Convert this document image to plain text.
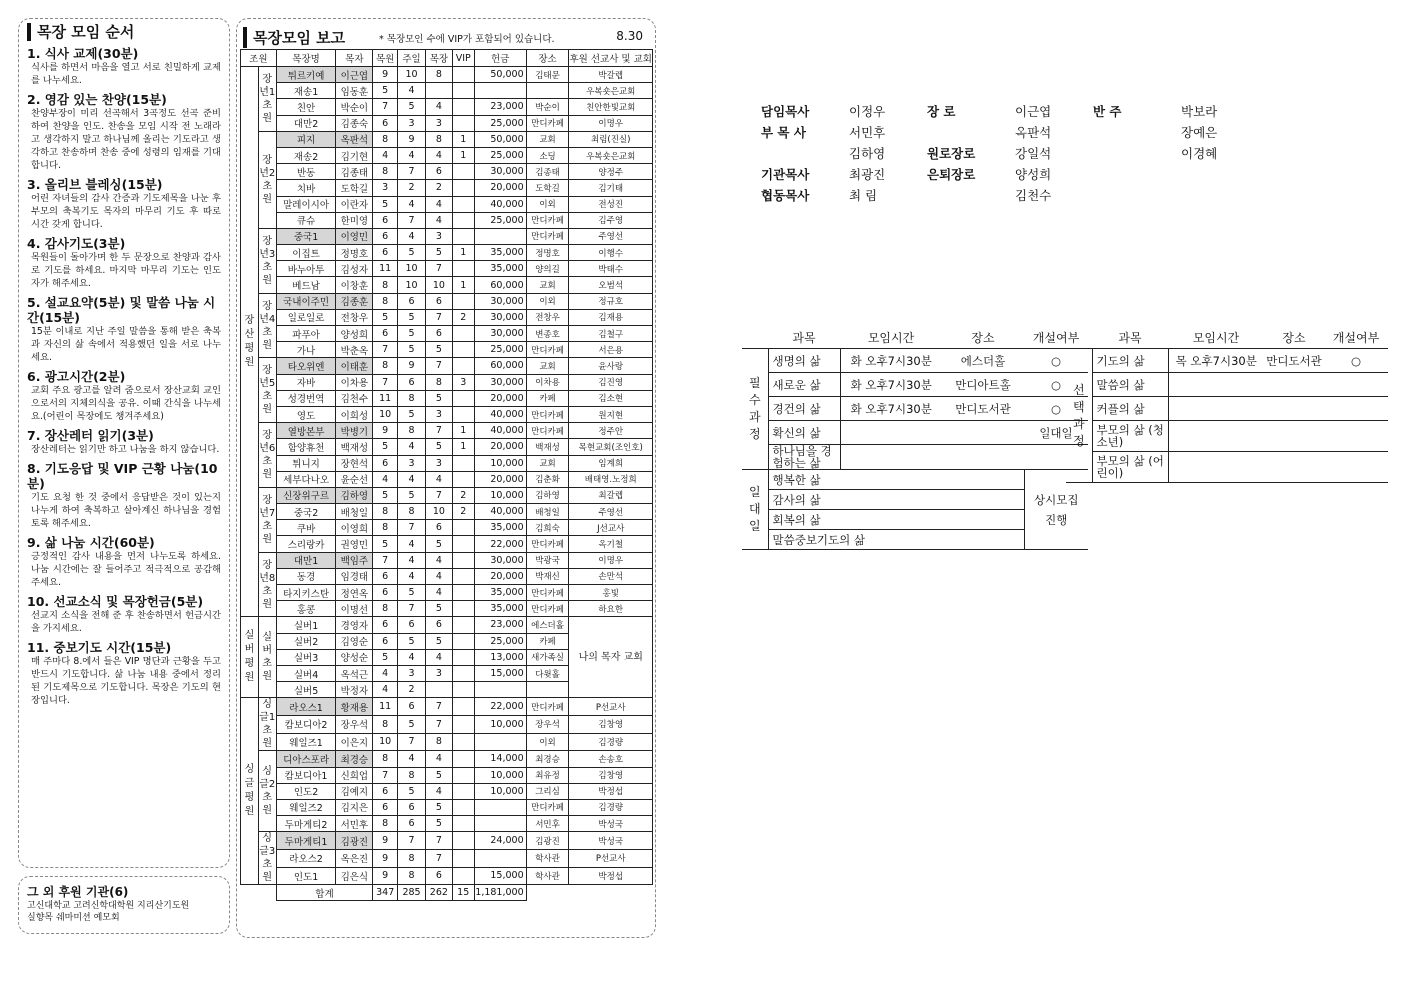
목장 모임 순서
1. 식사 교제(30분)
식사를 하면서 마음을 열고 서로 친밀하게 교제를 나누세요.
2. 영감 있는 찬양(15분)
찬양부장이 미리 선곡해서 3곡정도 선곡 준비하여 찬양을 인도. 찬송을 모임 시작 전 노래라고 생각하지 말고 하나님께 올리는 기도라고 생각하고 찬송하며 찬송 중에 성령의 임재를 기대합니다.
3. 올리브 블레싱(15분)
어린 자녀들의 감사 간증과 기도제목을 나눈 후 부모의 축복기도 목자의 마무리 기도 후 따로 시간 갖게 합니다.
4. 감사기도(3분)
목원들이 돌아가며 한 두 문장으로 찬양과 감사로 기도를 하세요. 마지막 마무리 기도는 인도자가 해주세요.
5. 설교요약(5분) 및 말씀 나눔 시간(15분)
15분 이내로 지난 주일 말씀을 통해 받은 축복과 자신의 삶 속에서 적용했던 일을 서로 나누세요.
6. 광고시간(2분)
교회 주요 광고를 알려 줌으로서 장산교회 교인으로서의 지체의식을 공유. 이때 간식을 나누세요.(어린이 목장에도 챙겨주세요)
7. 장산레터 읽기(3분)
장산레터는 읽기만 하고 나눔을 하지 않습니다.
8. 기도응답 및 VIP 근황 나눔(10분)
기도 요청 한 것 중에서 응답받은 것이 있는지 나누게 하여 축복하고 살아계신 하나님을 경험토록 해주세요.
9. 삶 나눔 시간(60분)
긍정적인 감사 내용을 먼저 나누도록 하세요. 나눔 시간에는 잘 들어주고 적극적으로 공감해 주세요.
10. 선교소식 및 목장헌금(5분)
선교지 소식을 전해 준 후 찬송하면서 헌금시간을 가지세요.
11. 중보기도 시간(15분)
매 주마다 8.에서 들은 VIP 명단과 근황을 두고 반드시 기도합니다. 삶 나눔 내용 중에서 정리된 기도제목으로 기도합니다. 목장은 기도의 현장입니다.
그 외 후원 기관(6)
고신대학교 고려신학대학원 지리산기도원
실향목 쉐마미션 예모회
목장모임 보고	* 목장모인 수에 VIP가 포함되어 있습니다.	8.30
조원		목장명	목자	목원	주일	목장	VIP	헌금	장소	후원 선교사 및 교회
장산평원	장년1초원	튀르키예	이근엽	9	10	8		50,000	김태문	박갈렙
		재송1	임동훈	5	4					우복숏은교회
		친안	박순이	7	5	4		23,000	박순이	친안한빛교회
		대만2	김종숙	6	3	3		25,000	만디카페	이명우
	장년2초원	피지	옥판석	8	9	8	1	50,000	교회	최림(진실)
		재송2	김기현	4	4	4	1	25,000	소딩	우복숏은교회
		반동	김종태	8	7	6		30,000	김종태	양정주
		치바	도학길	3	2	2		20,000	도학길	김기태
		말레이시아	이란자	5	4	4		40,000	이외	전성진
		큐슈	한미영	6	7	4		25,000	만디카페	김주영
	장년3초원	중국1	이영민	6	4	3			만디카페	주영선
		이집트	정명호	6	5	5	1	35,000	정명호	이행수
		바누아투	김성자	11	10	7		35,000	양의길	박태수
		베드남	이창훈	8	10	10	1	60,000	교회	오범석
	장년4초원	국내이주민	김종훈	8	6	6		30,000	이외	정규호
		일로일로	전창우	5	5	7	2	30,000	전창우	김재용
		파푸아	양성희	6	5	6		30,000	변종호	김철구
		가나	박춘옥	7	5	5		25,000	만디카페	서은용
	장년5초원	타오위엔	이태훈	8	9	7		60,000	교회	윤사랑
		자바	이차용	7	6	8	3	30,000	이차용	김진영
		성경번역	김천수	11	8	5		20,000	카페	김소현
		영도	이희성	10	5	3		40,000	만디카페	원지현
	장년6초원	열방본부	박병기	9	8	7	1	40,000	만디카페	정주안
		함양휴천	백재성	5	4	5	1	20,000	백재성	목현교회(조인호)
		튀니지	장현석	6	3	3		10,000	교회	임계희
		세부다나오	윤순선	4	4	4		20,000	김춘화	배태영.노정희
	장년7초원	신장위구르	김하영	5	5	7	2	10,000	김하영	최갈렙
		중국2	배청일	8	8	10	2	40,000	배청일	주영선
		쿠바	이영희	8	7	6		35,000	김희숙	J선교사
		스리랑카	권영민	5	4	5		22,000	만디카페	옥기철
	장년8초원	대만1	백임주	7	4	4		30,000	박광국	이명우
		동경	임경태	6	4	4		20,000	박재신	손만석
		타지키스탄	정연옥	6	5	4		35,000	만디카페	홍빛
		홍콩	이명선	8	7	5		35,000	만디카페	하요한
실버평원	실버초원	실버1	경영자	6	6	6		23,000	에스더홀	나의 목자 교회
		실버2	김영순	6	5	5		25,000	카페	
		실버3	양성순	5	4	4		13,000	새가족실	
		실버4	옥석근	4	3	3		15,000	다윗홀	
		실버5	박정자	4	2					
싱글평원	싱글1초원	라오스1	황재용	11	6	7		22,000	만디카페	P선교사
		캄보디아2	장우석	8	5	7		10,000	장우석	김창영
		웨일즈1	이은지	10	7	8			이외	김경량
	싱글2초원	디아스포라	최경승	8	4	4		14,000	최경승	손송호
		캄보디아1	신희업	7	8	5		10,000	최유정	김창영
		인도2	김예지	6	5	4		10,000	그리심	박정섭
		웨일즈2	김지은	6	6	5			만디카페	김경량
		두마게티2	서민후	8	6	5			서민후	박성국
	싱글3초원	두마게티1	김광진	9	7	7		24,000	김광진	박성국
		라오스2	옥은진	9	8	7			학사관	P선교사
		인도1	김은식	9	8	6		15,000	학사관	박정섭
		합계		347	285	262	15	1,181,000		
담임목사	이정우	장 로	이근엽	반 주	박보라
부 목 사	서민후		옥판석		장예은
	김하영	원로장로	강일석		이경혜
기관목사	최광진	은퇴장로	양성희		
협동목사	최 림		김천수		
	과목	모임시간	장소	개설여부
필수과정	생명의 삶	화 오후7시30분	에스더홀	○
	새로운 삶	화 오후7시30분	만디아트홀	○
	경건의 삶	화 오후7시30분	만디도서관	○
	확신의 삶			일대일
	하나님을 경험하는 삶			
일대일	행복한 삶			상시모집 진행
	감사의 삶			
	회복의 삶			
	말씀중보기도의 삶			
	과목	모임시간	장소	개설여부
선택과정	기도의 삶	목 오후7시30분	만디도서관	○
	말씀의 삶			
	커플의 삶			
	부모의 삶 (청소년)			
	부모의 삶 (어린이)			
